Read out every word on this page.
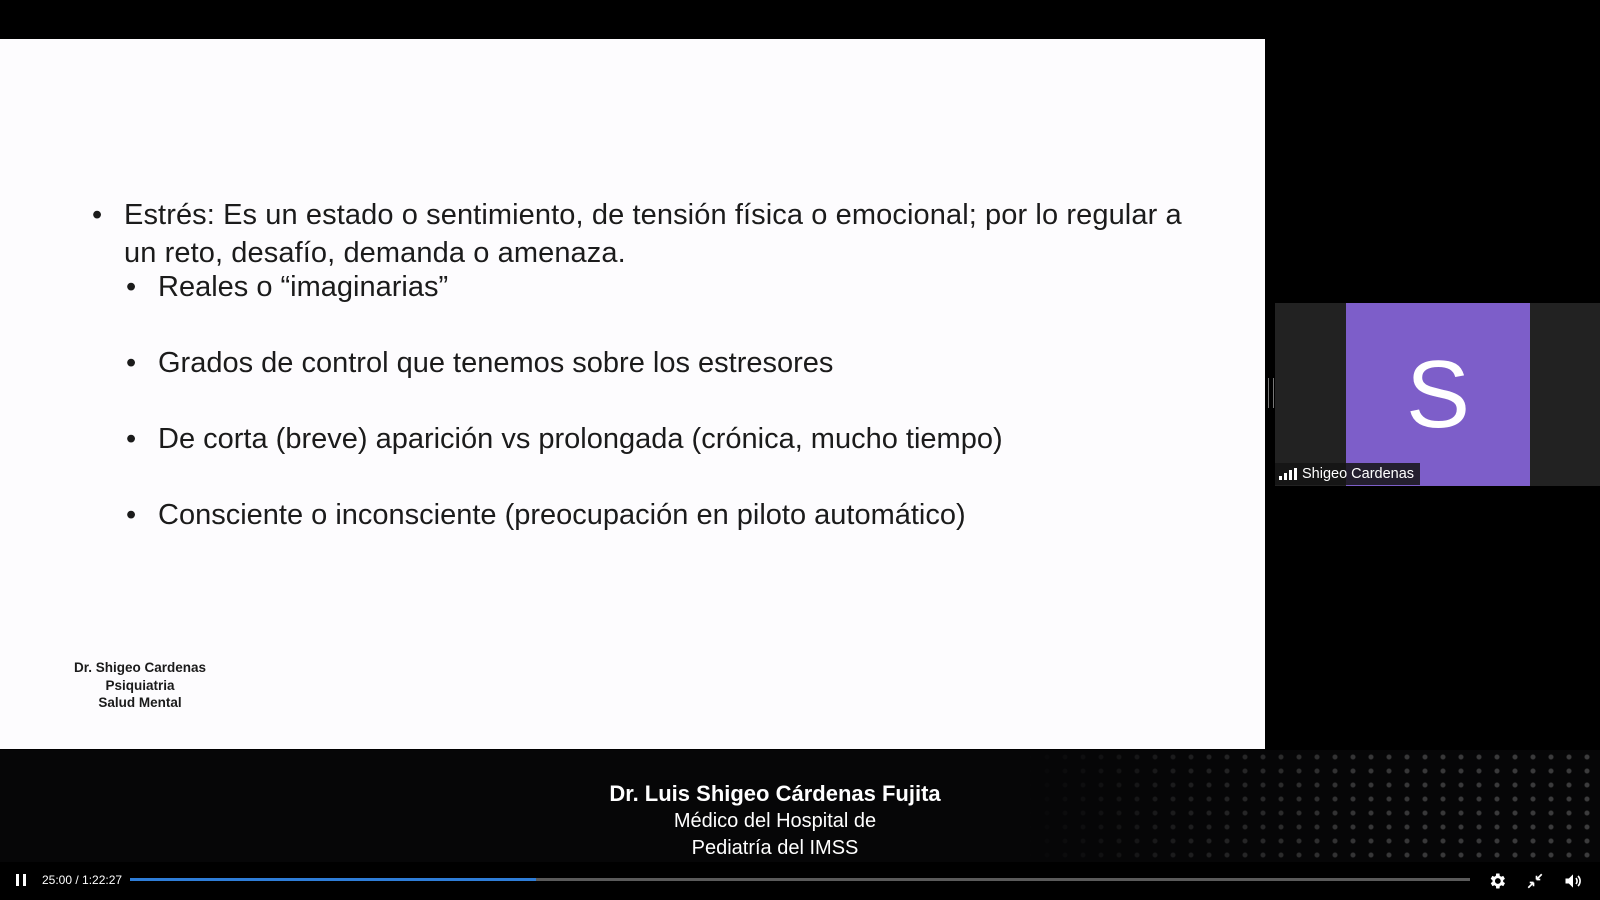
• Estrés: Es un estado o sentimiento, de tensión física o emocional; por lo regular a un reto, desafío, demanda o amenaza.
• Reales o “imaginarias”
• Grados de control que tenemos sobre los estresores
• De corta (breve) aparición vs prolongada (crónica, mucho tiempo)
• Consciente o inconsciente (preocupación en piloto automático)
Dr. Shigeo Cardenas
Psiquiatria
Salud Mental
S
Shigeo Cardenas
Dr. Luis Shigeo Cárdenas Fujita
Médico del Hospital de
Pediatría del IMSS
25:00 / 1:22:27
